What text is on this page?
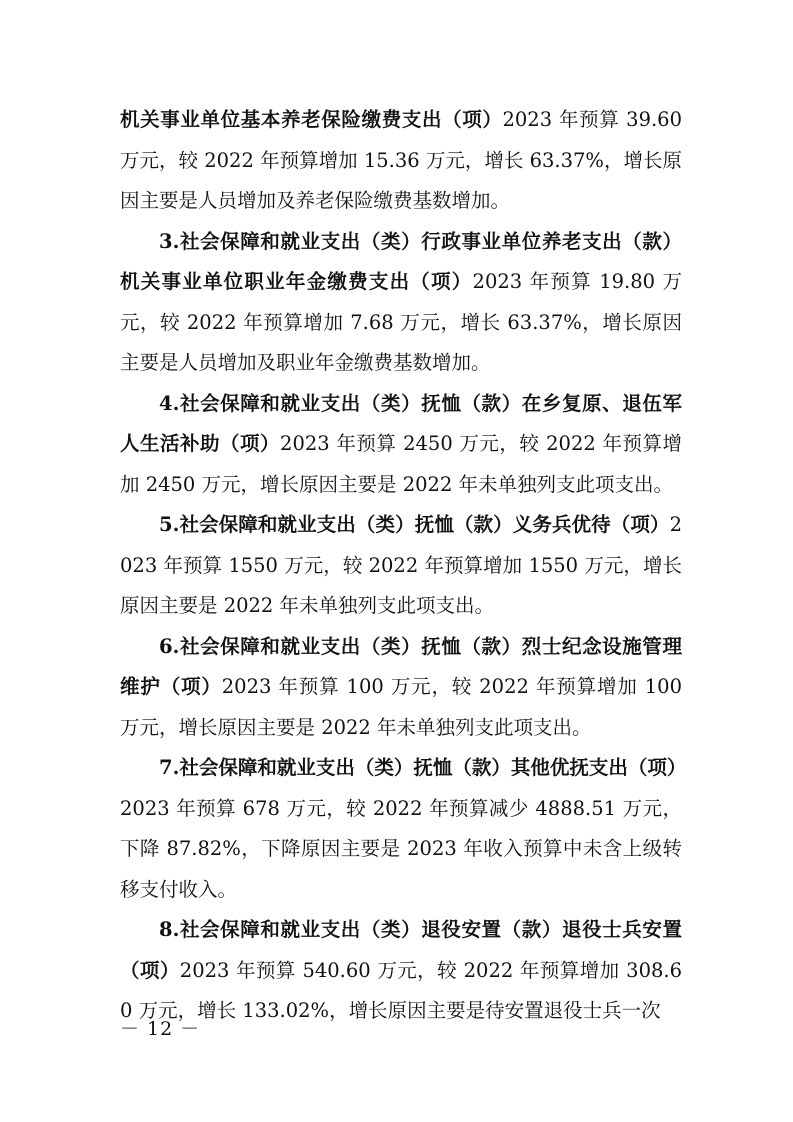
机关事业单位基本养老保险缴费支出（项）2023 年预算 39.60 万元，较 2022 年预算增加 15.36 万元，增长 63.37%，增长原因主要是人员增加及养老保险缴费基数增加。

3.社会保障和就业支出（类）行政事业单位养老支出（款）机关事业单位职业年金缴费支出（项）2023 年预算 19.80 万元，较 2022 年预算增加 7.68 万元，增长 63.37%，增长原因主要是人员增加及职业年金缴费基数增加。

4.社会保障和就业支出（类）抚恤（款）在乡复原、退伍军人生活补助（项）2023 年预算 2450 万元，较 2022 年预算增加 2450 万元，增长原因主要是 2022 年未单独列支此项支出。

5.社会保障和就业支出（类）抚恤（款）义务兵优待（项）2023 年预算 1550 万元，较 2022 年预算增加 1550 万元，增长原因主要是 2022 年未单独列支此项支出。

6.社会保障和就业支出（类）抚恤（款）烈士纪念设施管理维护（项）2023 年预算 100 万元，较 2022 年预算增加 100 万元，增长原因主要是 2022 年未单独列支此项支出。

7.社会保障和就业支出（类）抚恤（款）其他优抚支出（项）2023 年预算 678 万元，较 2022 年预算减少 4888.51 万元，下降 87.82%，下降原因主要是 2023 年收入预算中未含上级转移支付收入。

8.社会保障和就业支出（类）退役安置（款）退役士兵安置（项）2023 年预算 540.60 万元，较 2022 年预算增加 308.60 万元，增长 133.02%，增长原因主要是待安置退役士兵一次

－ 12 －
